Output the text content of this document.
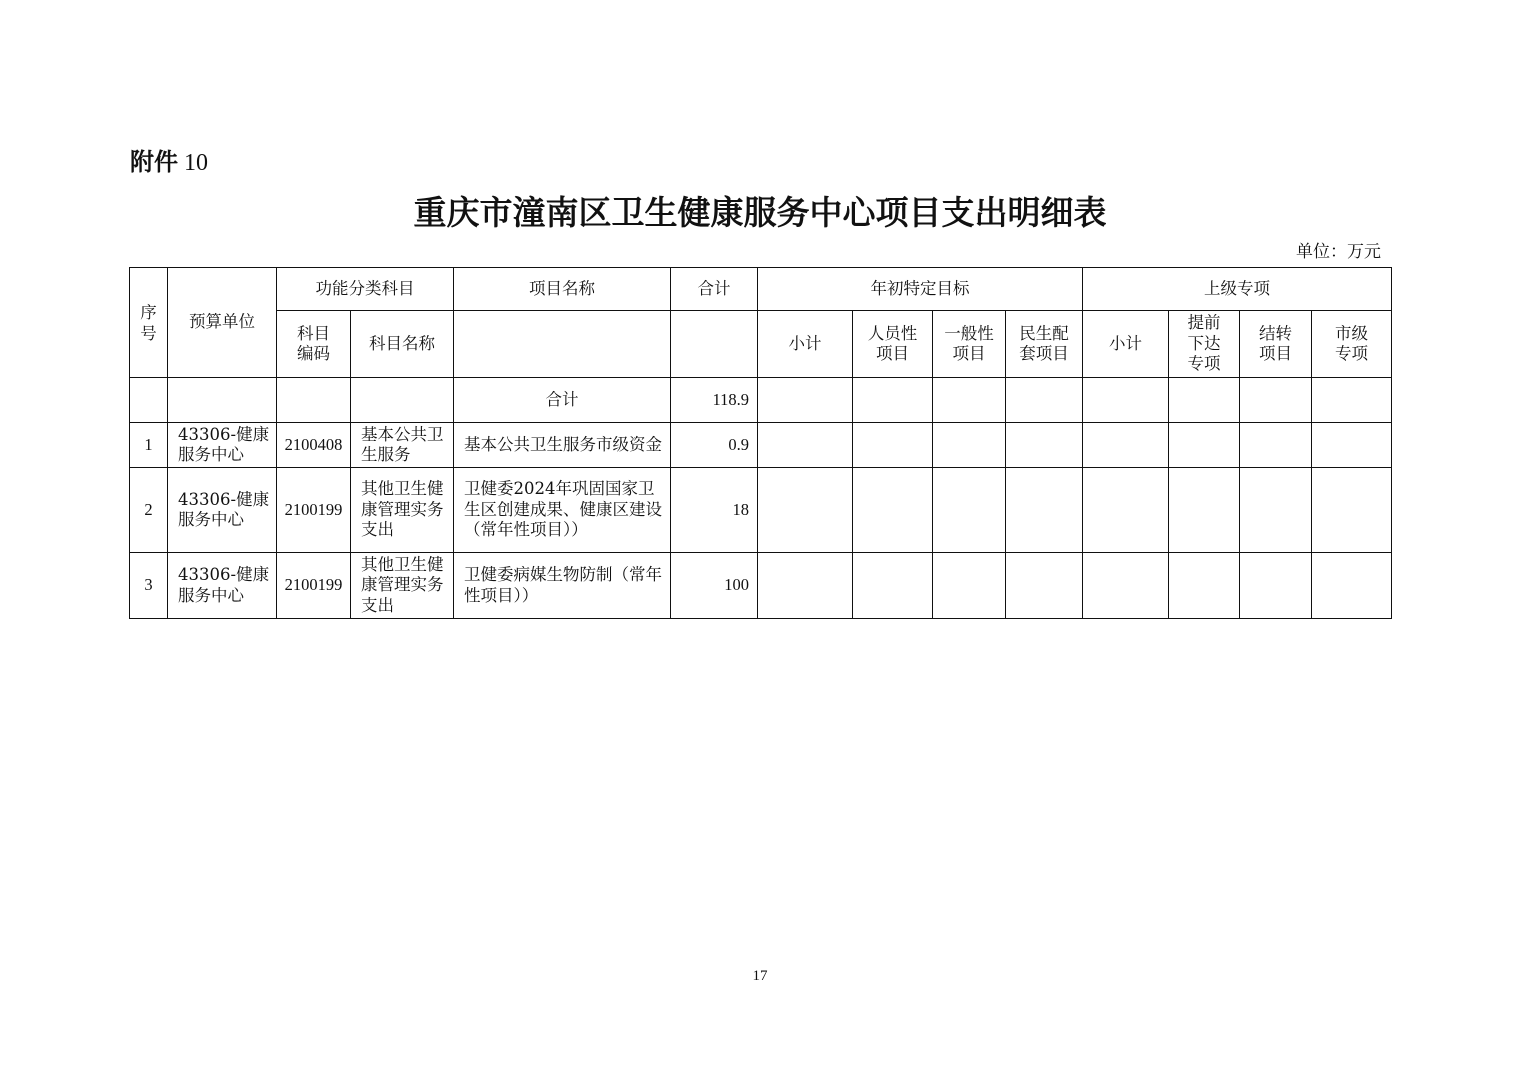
附件 10
重庆市潼南区卫生健康服务中心项目支出明细表
单位：万元
序号	预算单位	功能分类科目		项目名称	合计	年初特定目标				上级专项			

		科目编码	科目名称			小计	人员性项目	一般性项目	民生配套项目	小计	提前下达专项	结转项目	市级专项

				合计	118.9								
1	43306-健康服务中心	2100408	基本公共卫生服务	基本公共卫生服务市级资金	0.9								
2	43306-健康服务中心	2100199	其他卫生健康管理实务支出	卫健委2024年巩固国家卫生区创建成果、健康区建设（常年性项目））	18								
3	43306-健康服务中心	2100199	其他卫生健康管理实务支出	卫健委病媒生物防制（常年性项目））	100								
17
